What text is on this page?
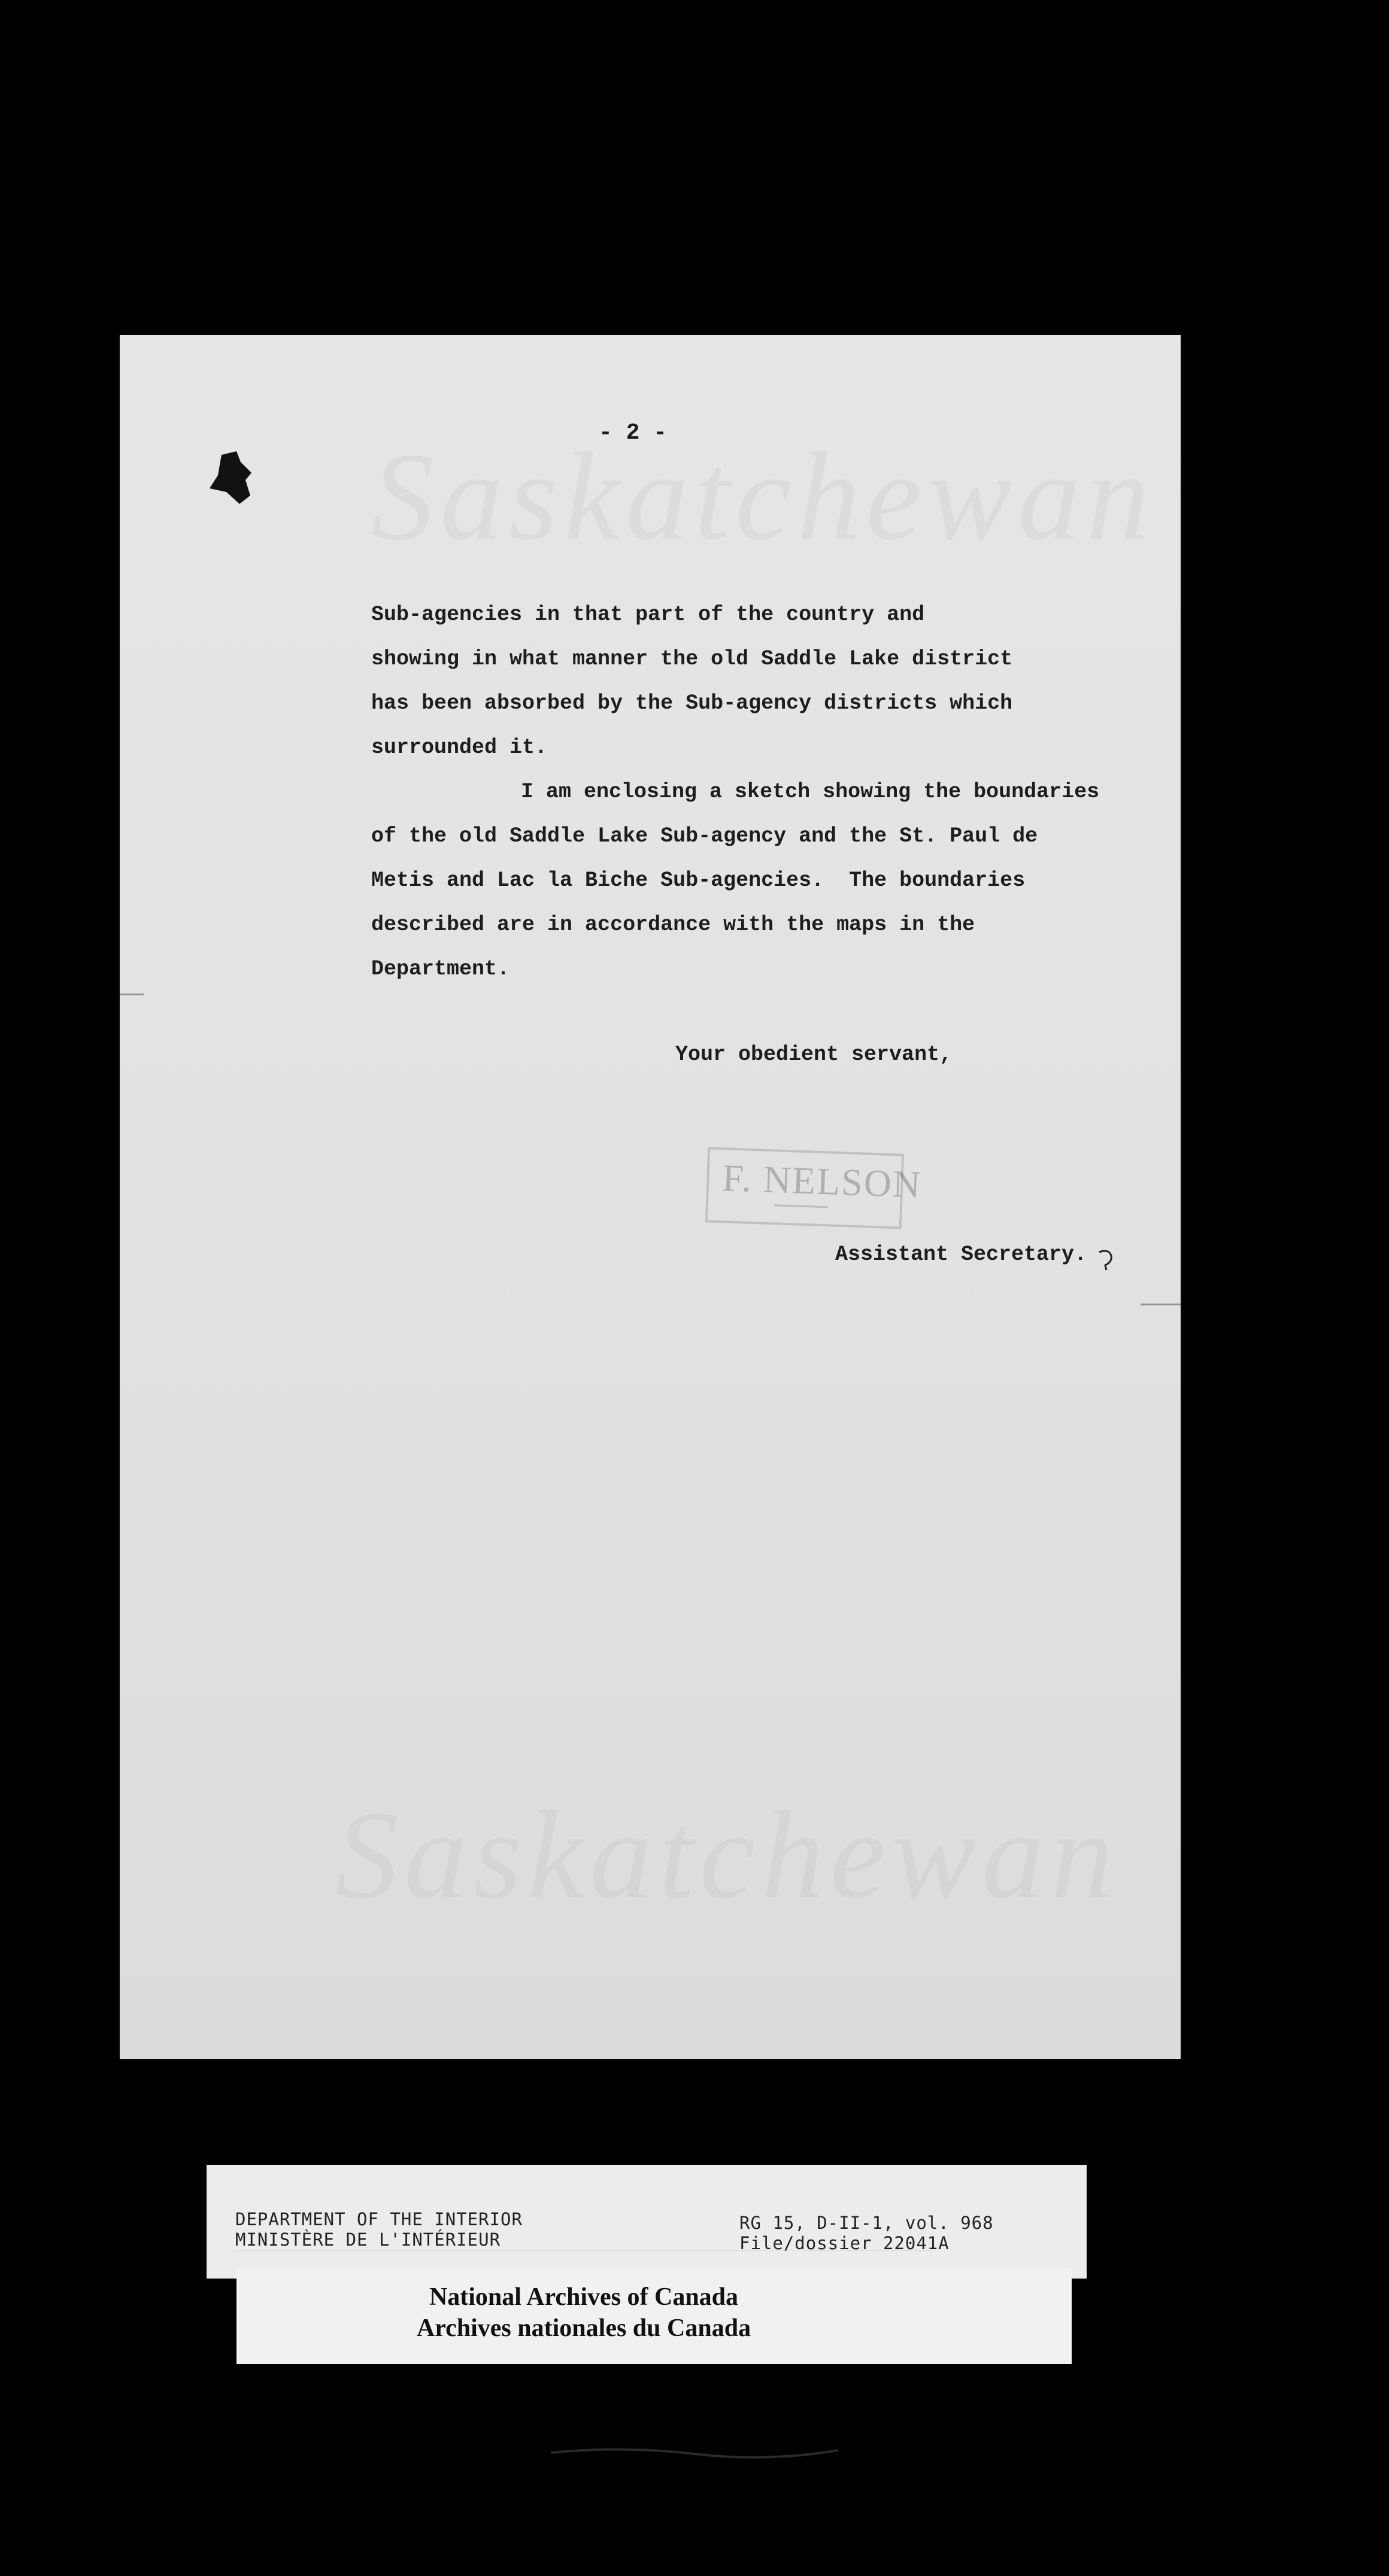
- 2 -
Sub-agencies in that part of the country and
showing in what manner the old Saddle Lake district
has been absorbed by the Sub-agency districts which
surrounded it.
I am enclosing a sketch showing the boundaries
of the old Saddle Lake Sub-agency and the St. Paul de
Metis and Lac la Biche Sub-agencies.  The boundaries
described are in accordance with the maps in the
Department.
Your obedient servant,
F. NELSON
Assistant Secretary.
DEPARTMENT OF THE INTERIOR
MINISTÈRE DE L'INTÉRIEUR
RG 15, D-II-1, vol. 968
File/dossier 22041A
National Archives of Canada
Archives nationales du Canada
